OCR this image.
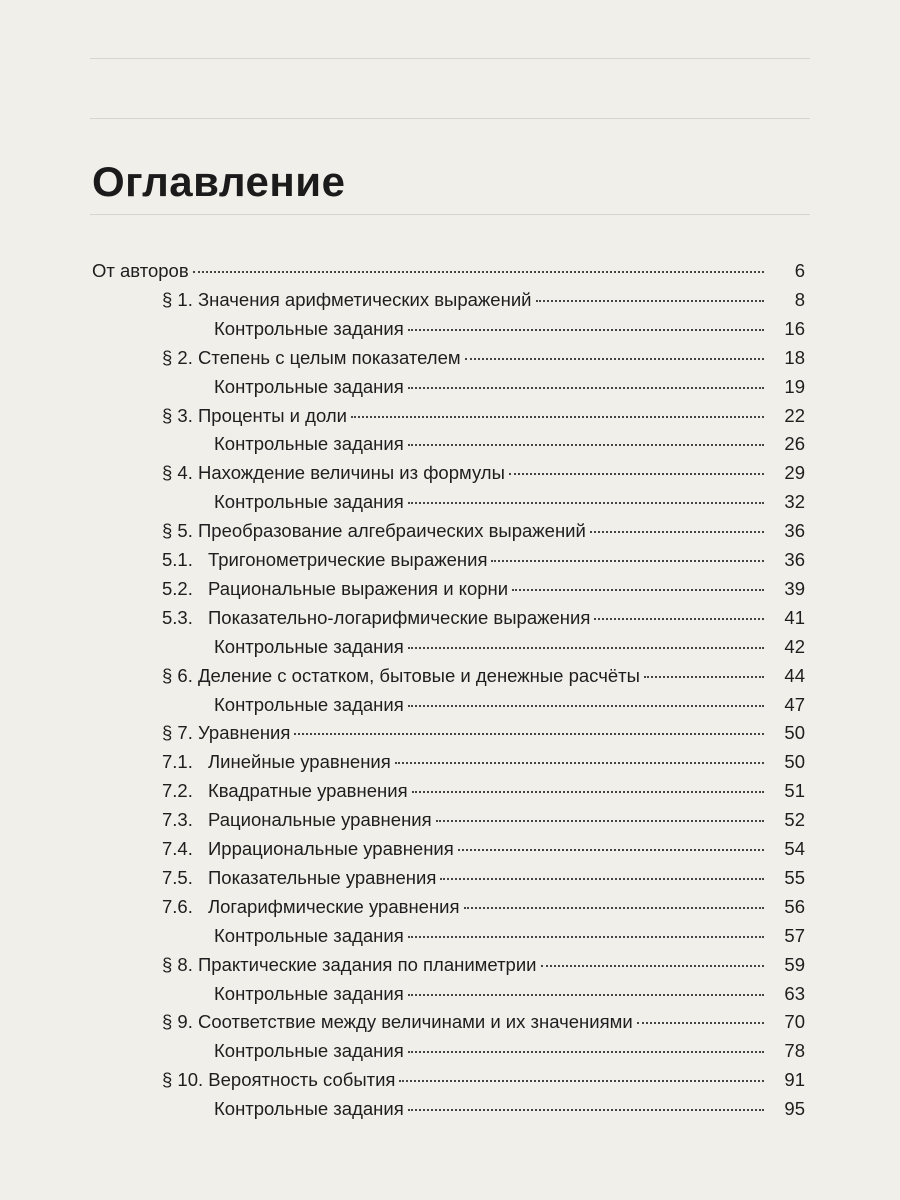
Оглавление
От авторов	6
§ 1. Значения арифметических выражений	8
Контрольные задания	16
§ 2. Степень с целым показателем	18
Контрольные задания	19
§ 3. Проценты и доли	22
Контрольные задания	26
§ 4. Нахождение величины из формулы	29
Контрольные задания	32
§ 5. Преобразование алгебраических выражений	36
5.1. Тригонометрические выражения	36
5.2. Рациональные выражения и корни	39
5.3. Показательно-логарифмические выражения	41
Контрольные задания	42
§ 6. Деление с остатком, бытовые и денежные расчёты	44
Контрольные задания	47
§ 7. Уравнения	50
7.1. Линейные уравнения	50
7.2. Квадратные уравнения	51
7.3. Рациональные уравнения	52
7.4. Иррациональные уравнения	54
7.5. Показательные уравнения	55
7.6. Логарифмические уравнения	56
Контрольные задания	57
§ 8. Практические задания по планиметрии	59
Контрольные задания	63
§ 9. Соответствие между величинами и их значениями	70
Контрольные задания	78
§ 10. Вероятность события	91
Контрольные задания	95
